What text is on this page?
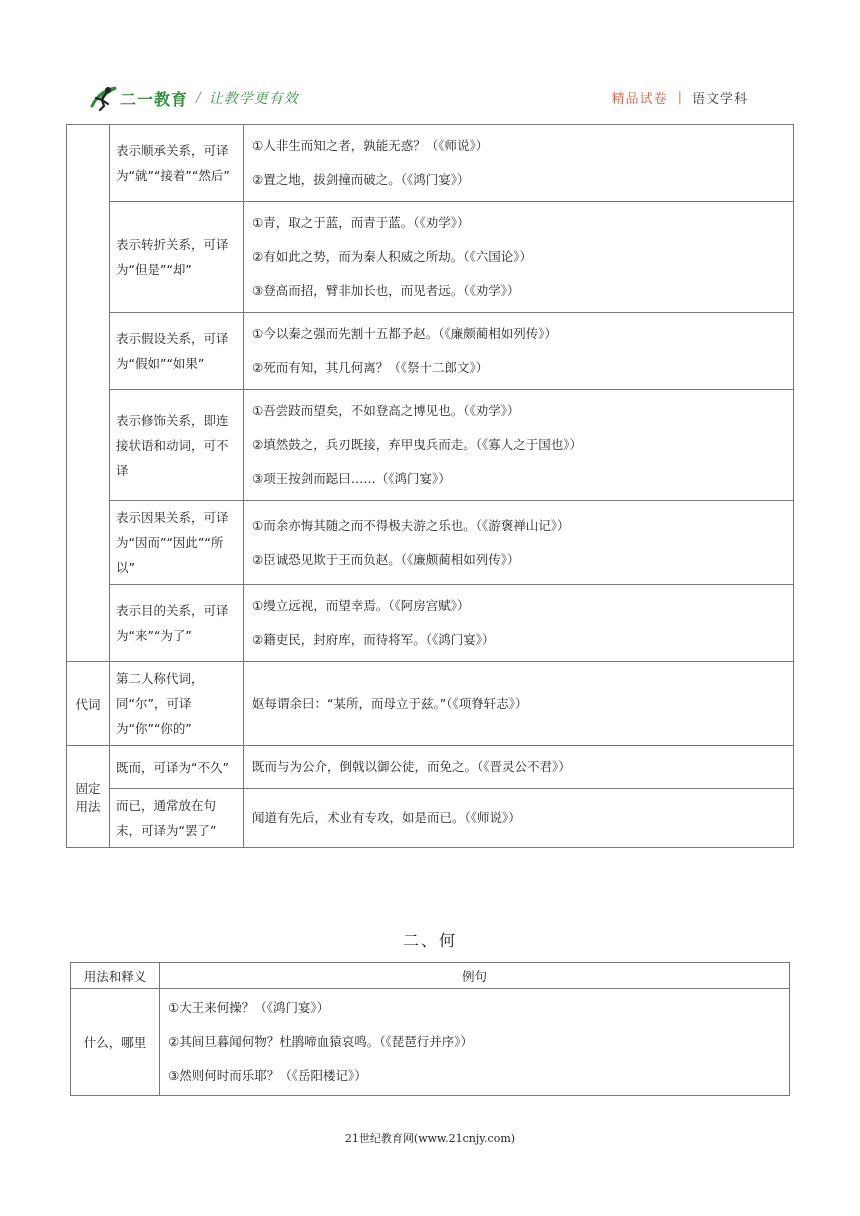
二一教育 / 让教学更有效	精品试卷 | 语文学科
	表示顺承关系，可译为“就”“接着”“然后”	①人非生而知之者，孰能无惑？（《师说》）
②置之地，拔剑撞而破之。（《鸿门宴》）

	表示转折关系，可译为“但是”“却”	①青，取之于蓝，而青于蓝。（《劝学》）
②有如此之势，而为秦人积威之所劫。（《六国论》）
③登高而招，臂非加长也，而见者远。（《劝学》）

	表示假设关系，可译为“假如”“如果”	①今以秦之强而先割十五都予赵。（《廉颇蔺相如列传》）
②死而有知，其几何离？（《祭十二郎文》）

	表示修饰关系，即连接状语和动词，可不译	①吾尝跂而望矣，不如登高之博见也。（《劝学》）
②填然鼓之，兵刃既接，弃甲曳兵而走。（《寡人之于国也》）
③项王按剑而跽曰……（《鸿门宴》）

	表示因果关系，可译为“因而”“因此”“所以”	①而余亦悔其随之而不得极夫游之乐也。（《游褒禅山记》）
②臣诚恐见欺于王而负赵。（《廉颇蔺相如列传》）

	表示目的关系，可译为“来”“为了”	①缦立远视，而望幸焉。（《阿房宫赋》）
②籍吏民，封府库，而待将军。（《鸿门宴》）

代词	第二人称代词，同“尔”，可译为“你”“你的”	妪每谓余曰：“某所，而母立于兹。”（《项脊轩志》）

固定用法	既而，可译为“不久”	既而与为公介，倒戟以御公徒，而免之。（《晋灵公不君》）

	而已，通常放在句末，可译为“罢了”	闻道有先后，术业有专攻，如是而已。（《师说》）
二、何
用法和释义	例句
什么，哪里	①大王来何操？（《鸿门宴》）
②其间旦暮闻何物？杜鹃啼血猿哀鸣。（《琵琶行并序》）
③然则何时而乐耶？（《岳阳楼记》）
21世纪教育网(www.21cnjy.com)
